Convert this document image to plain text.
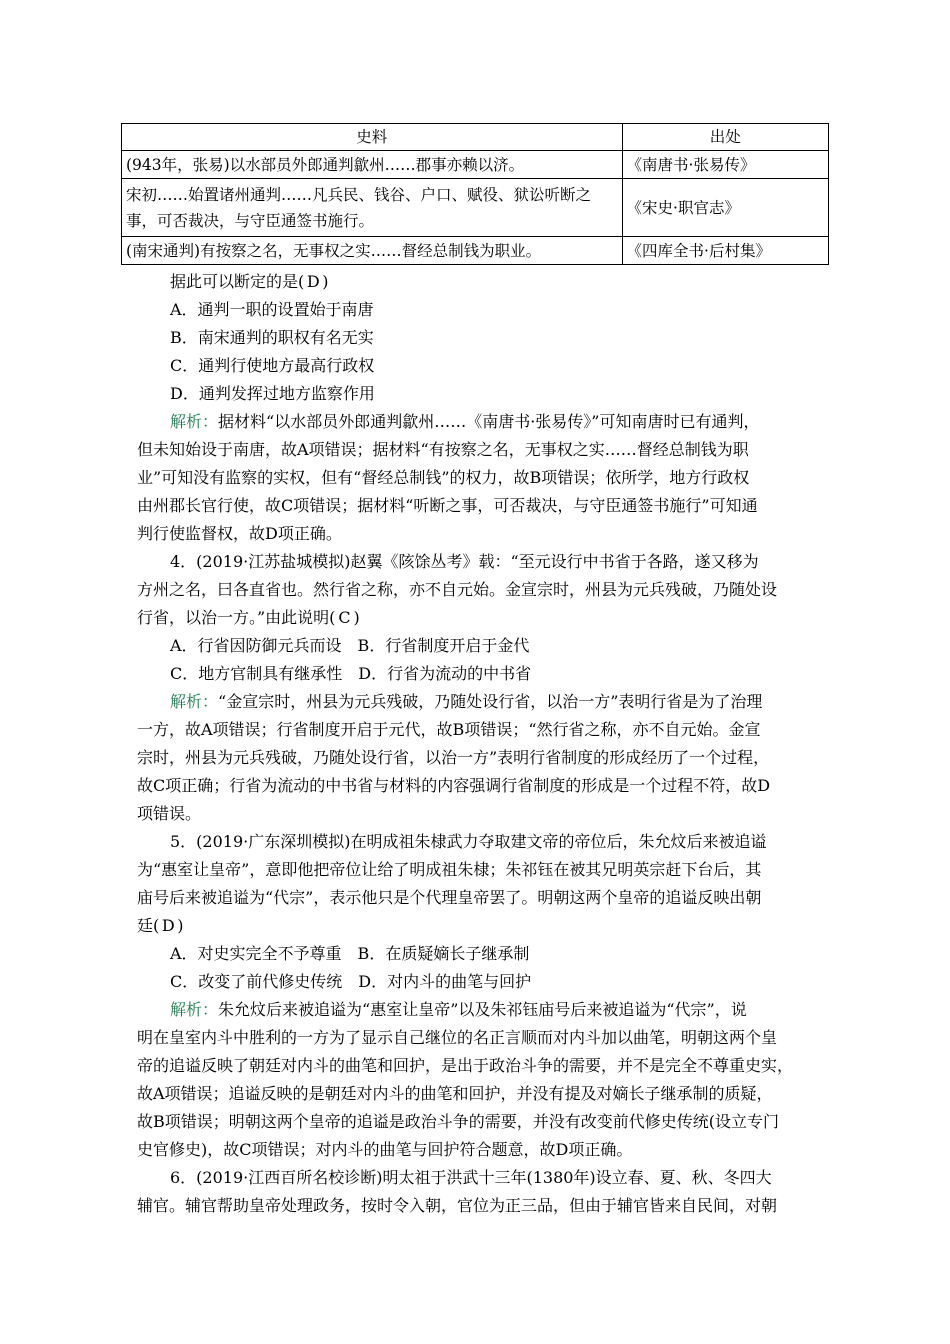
史料	出处
(943年，张易)以水部员外郎通判歙州……郡事亦赖以济。	《南唐书·张易传》
宋初……始置诸州通判……凡兵民、钱谷、户口、赋役、狱讼听断之事，可否裁决，与守臣通签书施行。	《宋史·职官志》
(南宋通判)有按察之名，无事权之实……督经总制钱为职业。	《四库全书·后村集》
据此可以断定的是( D )
A．通判一职的设置始于南唐
B．南宋通判的职权有名无实
C．通判行使地方最高行政权
D．通判发挥过地方监察作用
解析：据材料“以水部员外郎通判歙州……《南唐书·张易传》”可知南唐时已有通判，
但未知始设于南唐，故A项错误；据材料“有按察之名，无事权之实……督经总制钱为职
业”可知没有监察的实权，但有“督经总制钱”的权力，故B项错误；依所学，地方行政权
由州郡长官行使，故C项错误；据材料“听断之事，可否裁决，与守臣通签书施行”可知通
判行使监督权，故D项正确。
4．(2019·江苏盐城模拟)赵翼《陔馀丛考》载：“至元设行中书省于各路，遂又移为
方州之名，曰各直省也。然行省之称，亦不自元始。金宣宗时，州县为元兵残破，乃随处设
行省，以治一方。”由此说明( C )
A．行省因防御元兵而设　B．行省制度开启于金代
C．地方官制具有继承性　D．行省为流动的中书省
解析：“金宣宗时，州县为元兵残破，乃随处设行省，以治一方”表明行省是为了治理
一方，故A项错误；行省制度开启于元代，故B项错误；“然行省之称，亦不自元始。金宣
宗时，州县为元兵残破，乃随处设行省，以治一方”表明行省制度的形成经历了一个过程，
故C项正确；行省为流动的中书省与材料的内容强调行省制度的形成是一个过程不符，故D
项错误。
5．(2019·广东深圳模拟)在明成祖朱棣武力夺取建文帝的帝位后，朱允炆后来被追谥
为“惠室让皇帝”，意即他把帝位让给了明成祖朱棣；朱祁钰在被其兄明英宗赶下台后，其
庙号后来被追谥为“代宗”，表示他只是个代理皇帝罢了。明朝这两个皇帝的追谥反映出朝
廷( D )
A．对史实完全不予尊重　B．在质疑嫡长子继承制
C．改变了前代修史传统　D．对内斗的曲笔与回护
解析：朱允炆后来被追谥为“惠室让皇帝”以及朱祁钰庙号后来被追谥为“代宗”，说
明在皇室内斗中胜利的一方为了显示自己继位的名正言顺而对内斗加以曲笔，明朝这两个皇
帝的追谥反映了朝廷对内斗的曲笔和回护，是出于政治斗争的需要，并不是完全不尊重史实，
故A项错误；追谥反映的是朝廷对内斗的曲笔和回护，并没有提及对嫡长子继承制的质疑，
故B项错误；明朝这两个皇帝的追谥是政治斗争的需要，并没有改变前代修史传统(设立专门
史官修史)，故C项错误；对内斗的曲笔与回护符合题意，故D项正确。
6．(2019·江西百所名校诊断)明太祖于洪武十三年(1380年)设立春、夏、秋、冬四大
辅官。辅官帮助皇帝处理政务，按时令入朝，官位为正三品，但由于辅官皆来自民间，对朝
